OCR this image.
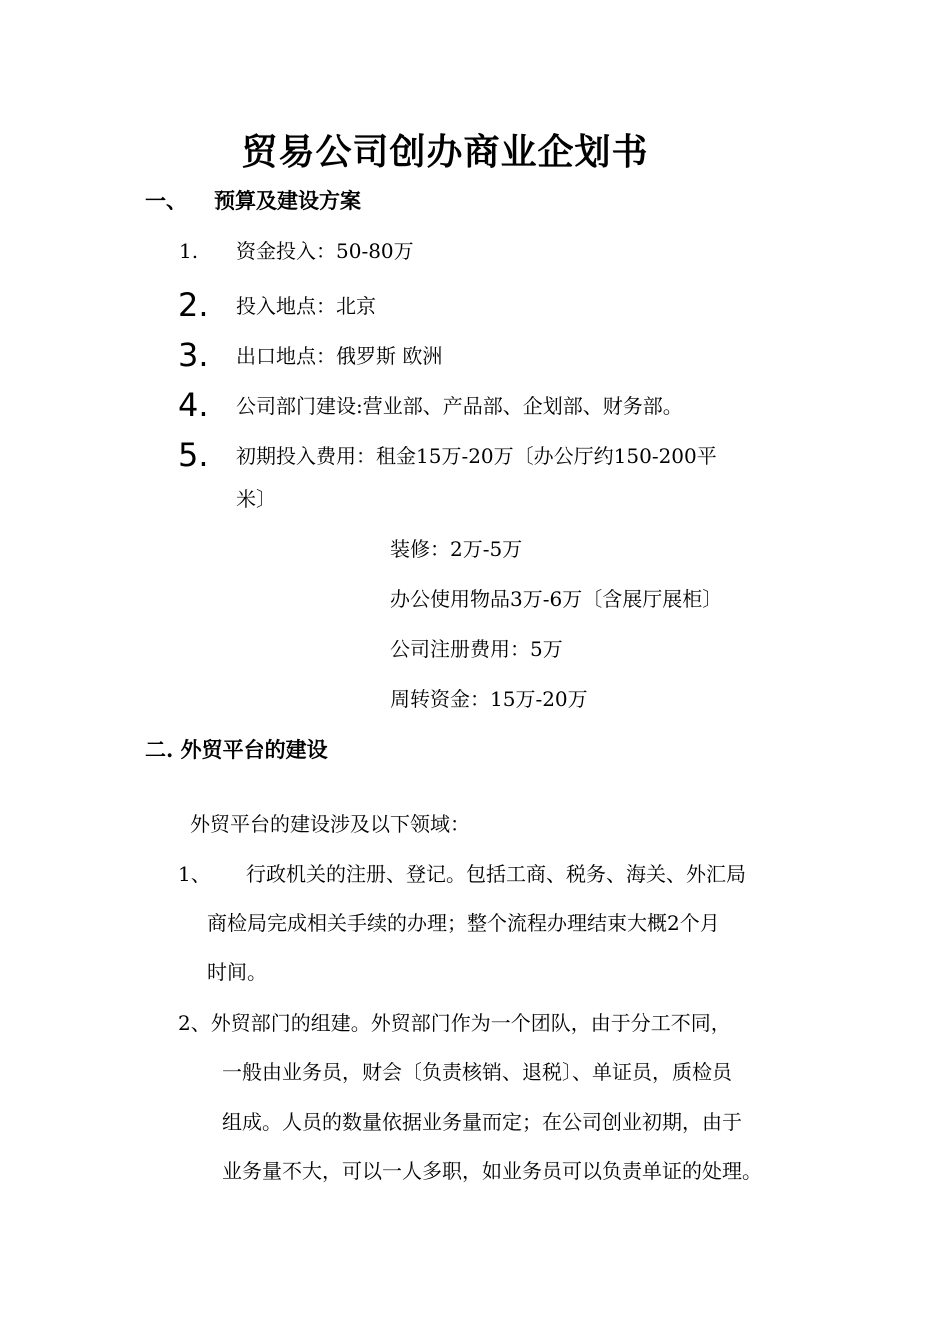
贸易公司创办商业企划书
一、 预算及建设方案
1. 资金投入：50-80万
2. 投入地点：北京
3. 出口地点：俄罗斯 欧洲
4. 公司部门建设:营业部、产品部、企划部、财务部。
5. 初期投入费用：租金15万-20万〔办公厅约150-200平
米〕
装修：2万-5万
办公使用物品3万-6万〔含展厅展柜〕
公司注册费用：5万
周转资金：15万-20万
二. 外贸平台的建设
外贸平台的建设涉及以下领域：
1、 行政机关的注册、登记。包括工商、税务、海关、外汇局
商检局完成相关手续的办理；整个流程办理结束大概2个月
时间。
2、外贸部门的组建。外贸部门作为一个团队，由于分工不同，
一般由业务员，财会〔负责核销、退税〕、单证员，质检员
组成。人员的数量依据业务量而定；在公司创业初期，由于
业务量不大，可以一人多职，如业务员可以负责单证的处理。
